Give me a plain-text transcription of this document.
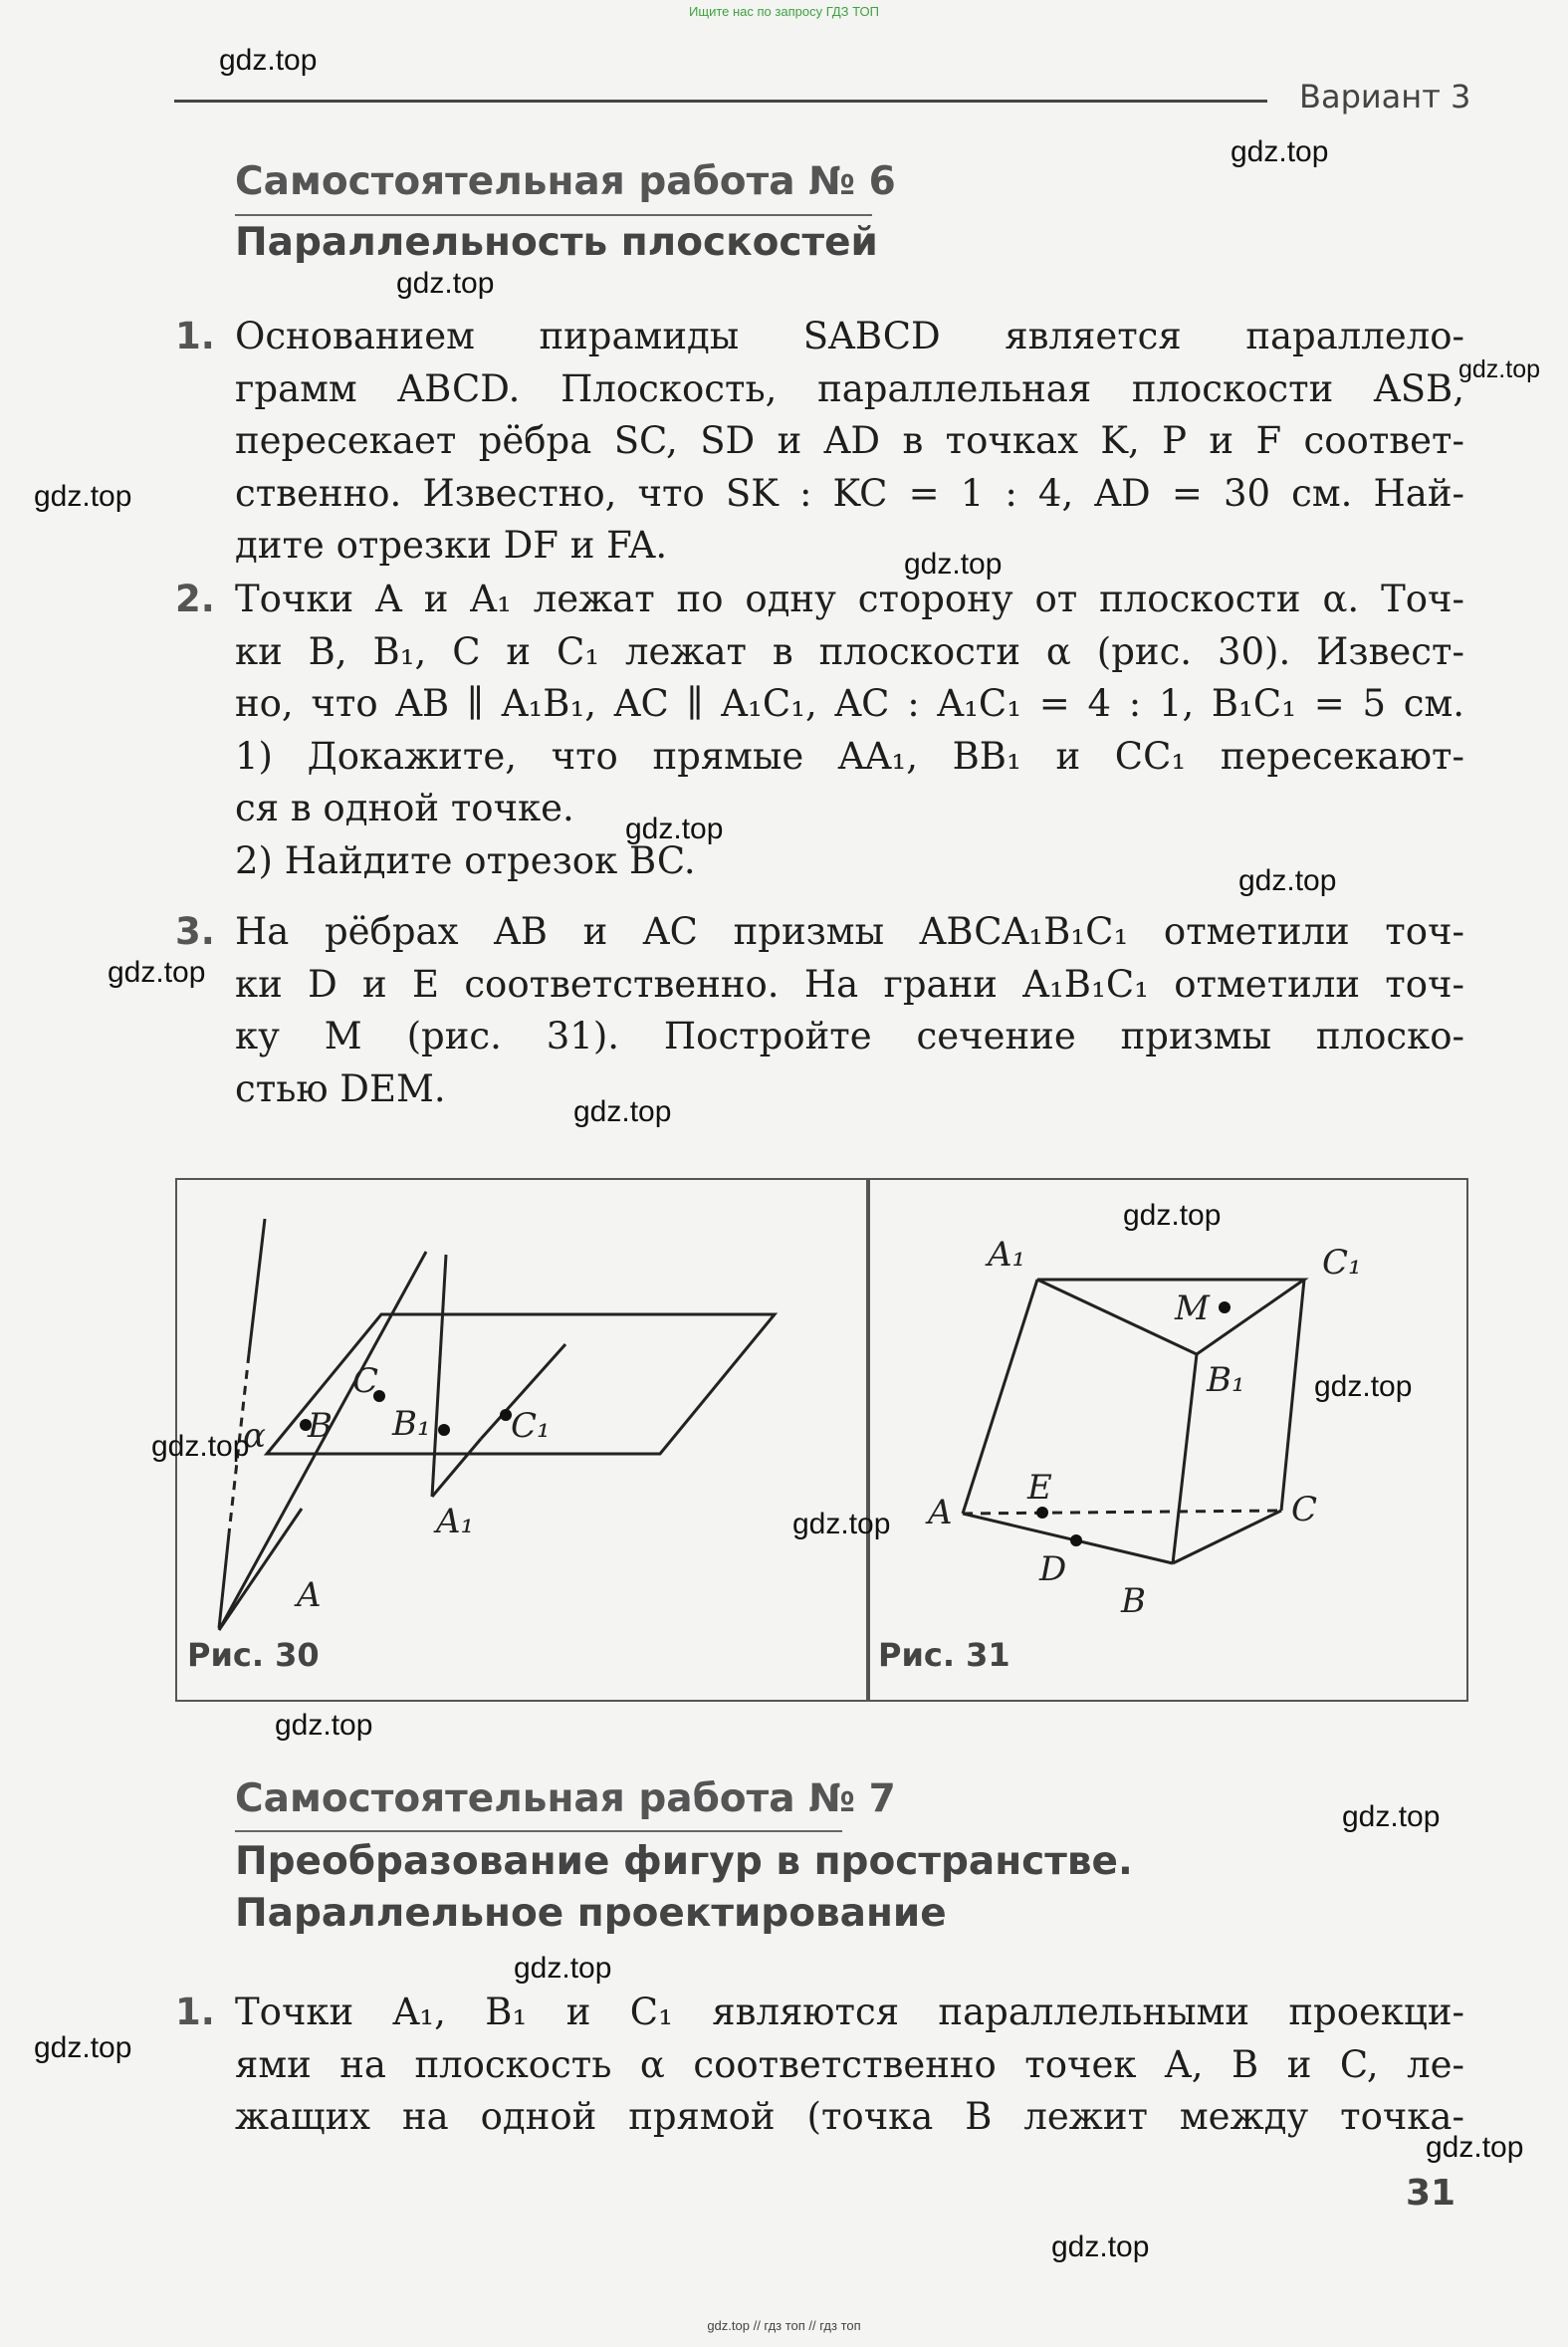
Ищите нас по запросу ГДЗ ТОП
Вариант 3
Самостоятельная работа № 6
Параллельность плоскостей
1. Основанием пирамиды SABCD является параллело-
грамм ABCD. Плоскость, параллельная плоскости ASB,
пересекает рёбра SC, SD и AD в точках K, P и F соответ-
ственно. Известно, что SK : KC = 1 : 4, AD = 30 см. Най-
дите отрезки DF и FA.
2. Точки A и A₁ лежат по одну сторону от плоскости α. Точ-
ки B, B₁, C и C₁ лежат в плоскости α (рис. 30). Извест-
но, что AB ∥ A₁B₁, AC ∥ A₁C₁, AC : A₁C₁ = 4 : 1, B₁C₁ = 5 см.
1) Докажите, что прямые AA₁, BB₁ и CC₁ пересекают-
ся в одной точке.
2) Найдите отрезок BC.
3. На рёбрах AB и AC призмы ABCA₁B₁C₁ отметили точ-
ки D и E соответственно. На грани A₁B₁C₁ отметили точ-
ку M (рис. 31). Постройте сечение призмы плоско-
стью DEM.
α B
C
B₁ C₁
A₁
A
Рис. 30
A₁	C₁
M
B₁
E
A	C
D
B
Рис. 31
Самостоятельная работа № 7
Преобразование фигур в пространстве.
Параллельное проектирование
1. Точки A₁, B₁ и C₁ являются параллельными проекци-
ями на плоскость α соответственно точек A, B и C, ле-
жащих на одной прямой (точка B лежит между точка-
31
gdz.top
gdz.top
gdz.top
gdz.top
gdz.top
gdz.top
gdz.top
gdz.top
gdz.top
gdz.top
gdz.top
gdz.top
gdz.top
gdz.top
gdz.top
gdz.top
gdz.top
gdz.top
gdz.top
gdz.top
gdz.top // гдз топ // гдз топ
